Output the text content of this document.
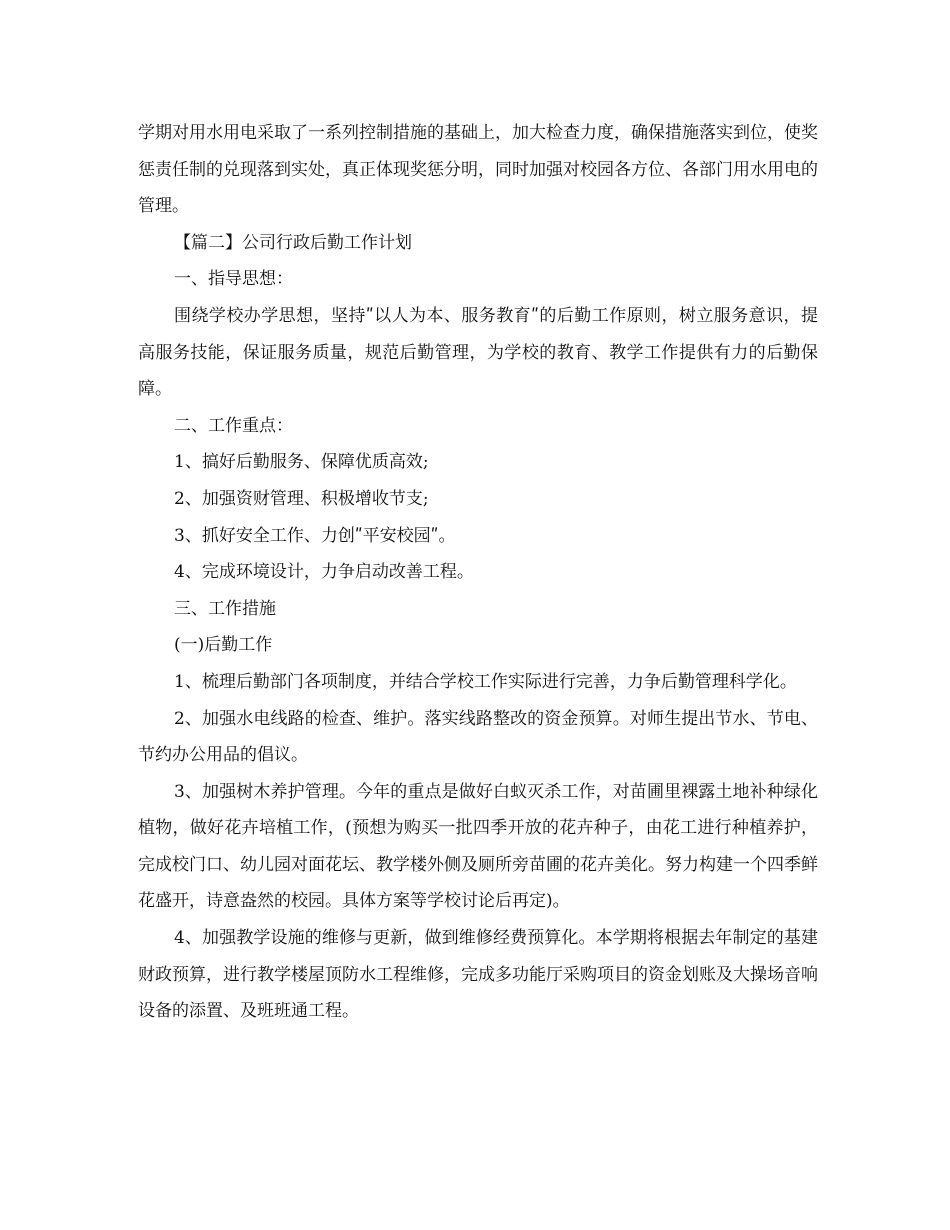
学期对用水用电采取了一系列控制措施的基础上，加大检查力度，确保措施落实到位，使奖惩责任制的兑现落到实处，真正体现奖惩分明，同时加强对校园各方位、各部门用水用电的管理。

【篇二】公司行政后勤工作计划

一、指导思想：

围绕学校办学思想，坚持ʺ以人为本、服务教育ʺ的后勤工作原则，树立服务意识，提高服务技能，保证服务质量，规范后勤管理，为学校的教育、教学工作提供有力的后勤保障。

二、工作重点：

1、搞好后勤服务、保障优质高效;

2、加强资财管理、积极增收节支;

3、抓好安全工作、力创ʺ平安校园ʺ。

4、完成环境设计，力争启动改善工程。

三、工作措施

(一)后勤工作

1、梳理后勤部门各项制度，并结合学校工作实际进行完善，力争后勤管理科学化。

2、加强水电线路的检查、维护。落实线路整改的资金预算。对师生提出节水、节电、节约办公用品的倡议。

3、加强树木养护管理。今年的重点是做好白蚁灭杀工作，对苗圃里裸露土地补种绿化植物，做好花卉培植工作，(预想为购买一批四季开放的花卉种子，由花工进行种植养护，完成校门口、幼儿园对面花坛、教学楼外侧及厕所旁苗圃的花卉美化。努力构建一个四季鲜花盛开，诗意盎然的校园。具体方案等学校讨论后再定)。

4、加强教学设施的维修与更新，做到维修经费预算化。本学期将根据去年制定的基建财政预算，进行教学楼屋顶防水工程维修，完成多功能厅采购项目的资金划账及大操场音响设备的添置、及班班通工程。
